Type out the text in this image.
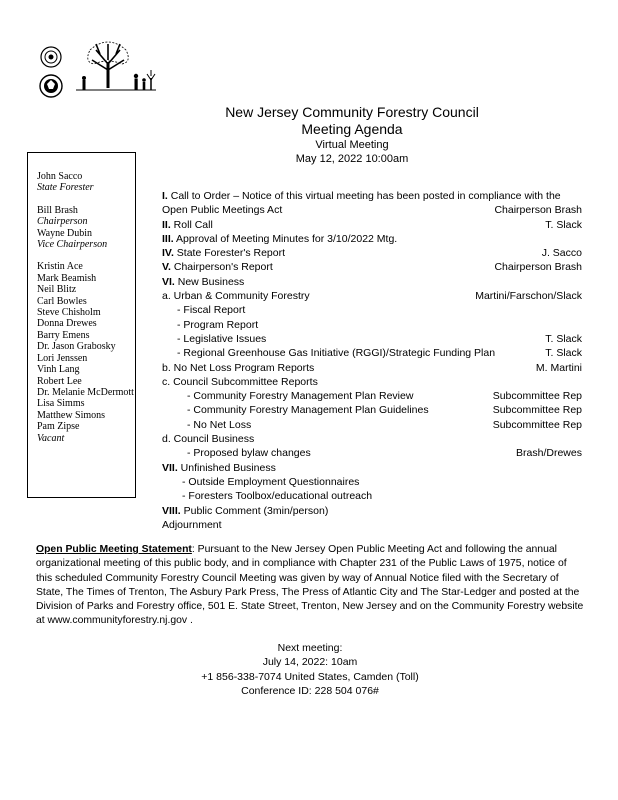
New Jersey Community Forestry Council
Meeting Agenda
Virtual Meeting
May 12, 2022 10:00am
John Sacco
State Forester
Bill Brash
Chairperson
Wayne Dubin
Vice Chairperson
Kristin Ace
Mark Beamish
Neil Blitz
Carl Bowles
Steve Chisholm
Donna Drewes
Barry Emens
Dr. Jason Grabosky
Lori Jenssen
Vinh Lang
Robert Lee
Dr. Melanie McDermott
Lisa Simms
Matthew Simons
Pam Zipse
Vacant
I. Call to Order – Notice of this virtual meeting has been posted in compliance with the
Open Public Meetings Act	Chairperson Brash
II. Roll Call	T. Slack
III. Approval of Meeting Minutes for 3/10/2022 Mtg.
IV. State Forester's Report	J. Sacco
V. Chairperson's Report	Chairperson Brash
VI. New Business
a. Urban & Community Forestry	Martini/Farschon/Slack
- Fiscal Report
- Program Report
- Legislative Issues	T. Slack
- Regional Greenhouse Gas Initiative (RGGI)/Strategic Funding Plan	T. Slack
b. No Net Loss Program Reports	M. Martini
c. Council Subcommittee Reports
- Community Forestry Management Plan Review	Subcommittee Rep
- Community Forestry Management Plan Guidelines	Subcommittee Rep
- No Net Loss	Subcommittee Rep
d. Council Business
- Proposed bylaw changes	Brash/Drewes
VII. Unfinished Business
- Outside Employment Questionnaires
- Foresters Toolbox/educational outreach
VIII. Public Comment (3min/person)
Adjournment
Open Public Meeting Statement: Pursuant to the New Jersey Open Public Meeting Act and following the annual organizational meeting of this public body, and in compliance with Chapter 231 of the Public Laws of 1975, notice of this scheduled Community Forestry Council Meeting was given by way of Annual Notice filed with the Secretary of State, The Times of Trenton, The Asbury Park Press, The Press of Atlantic City and The Star-Ledger and posted at the Division of Parks and Forestry office, 501 E. State Street, Trenton, New Jersey and on the Community Forestry website at www.communityforestry.nj.gov .
Next meeting:
July 14, 2022: 10am
+1 856-338-7074 United States, Camden (Toll)
Conference ID: 228 504 076#
